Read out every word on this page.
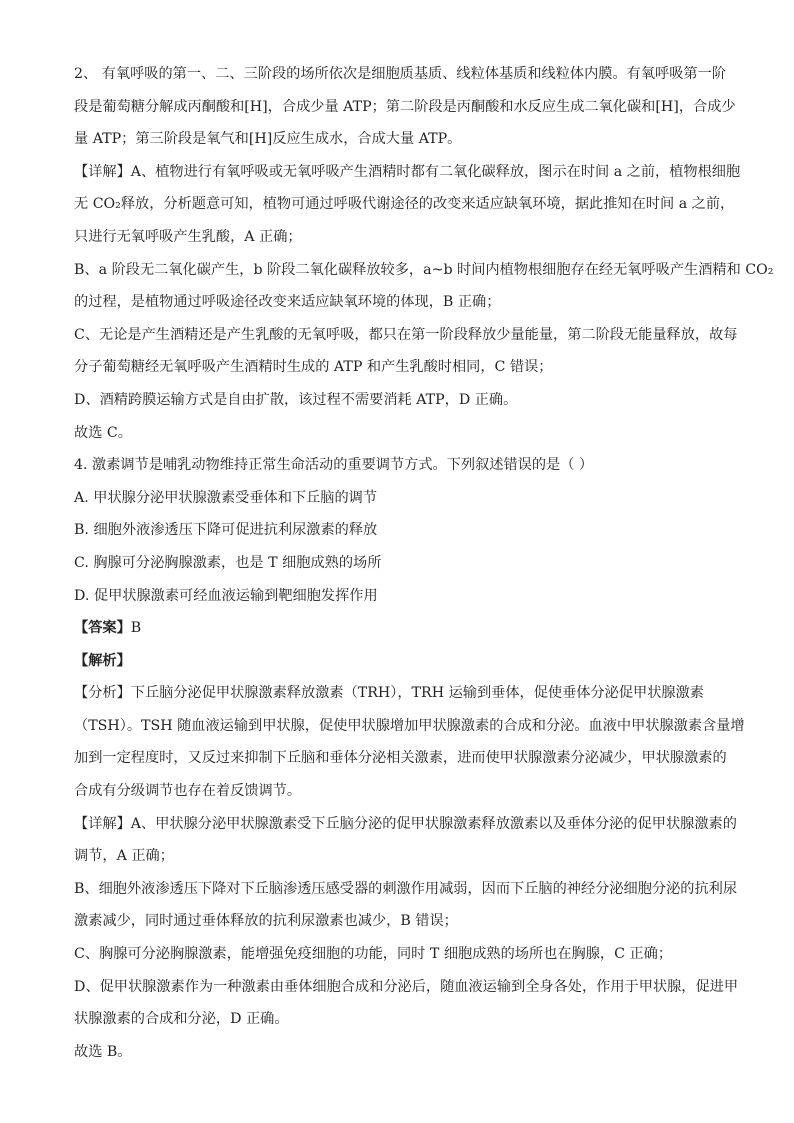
2、 有氧呼吸的第一、二、三阶段的场所依次是细胞质基质、线粒体基质和线粒体内膜。有氧呼吸第一阶
段是葡萄糖分解成丙酮酸和[H]，合成少量 ATP；第二阶段是丙酮酸和水反应生成二氧化碳和[H]，合成少
量 ATP；第三阶段是氧气和[H]反应生成水，合成大量 ATP。

【详解】A、植物进行有氧呼吸或无氧呼吸产生酒精时都有二氧化碳释放，图示在时间 a 之前，植物根细胞
无 CO₂释放，分析题意可知，植物可通过呼吸代谢途径的改变来适应缺氧环境，据此推知在时间 a 之前，
只进行无氧呼吸产生乳酸，A 正确；

B、a 阶段无二氧化碳产生，b 阶段二氧化碳释放较多，a~b 时间内植物根细胞存在经无氧呼吸产生酒精和 CO₂
的过程，是植物通过呼吸途径改变来适应缺氧环境的体现，B 正确；

C、无论是产生酒精还是产生乳酸的无氧呼吸，都只在第一阶段释放少量能量，第二阶段无能量释放，故每
分子葡萄糖经无氧呼吸产生酒精时生成的 ATP 和产生乳酸时相同，C 错误；

D、酒精跨膜运输方式是自由扩散，该过程不需要消耗 ATP，D 正确。

故选 C。

4. 激素调节是哺乳动物维持正常生命活动的重要调节方式。下列叙述错误的是（ ）

A. 甲状腺分泌甲状腺激素受垂体和下丘脑的调节

B. 细胞外液渗透压下降可促进抗利尿激素的释放

C. 胸腺可分泌胸腺激素，也是 T 细胞成熟的场所

D. 促甲状腺激素可经血液运输到靶细胞发挥作用

【答案】B

【解析】

【分析】下丘脑分泌促甲状腺激素释放激素（TRH），TRH 运输到垂体，促使垂体分泌促甲状腺激素
（TSH）。TSH 随血液运输到甲状腺，促使甲状腺增加甲状腺激素的合成和分泌。血液中甲状腺激素含量增
加到一定程度时，又反过来抑制下丘脑和垂体分泌相关激素，进而使甲状腺激素分泌减少，甲状腺激素的
合成有分级调节也存在着反馈调节。

【详解】A、甲状腺分泌甲状腺激素受下丘脑分泌的促甲状腺激素释放激素以及垂体分泌的促甲状腺激素的
调节，A 正确；

B、细胞外液渗透压下降对下丘脑渗透压感受器的刺激作用减弱，因而下丘脑的神经分泌细胞分泌的抗利尿
激素减少，同时通过垂体释放的抗利尿激素也减少，B 错误；

C、胸腺可分泌胸腺激素，能增强免疫细胞的功能，同时 T 细胞成熟的场所也在胸腺，C 正确；

D、促甲状腺激素作为一种激素由垂体细胞合成和分泌后，随血液运输到全身各处，作用于甲状腺，促进甲
状腺激素的合成和分泌，D 正确。

故选 B。
